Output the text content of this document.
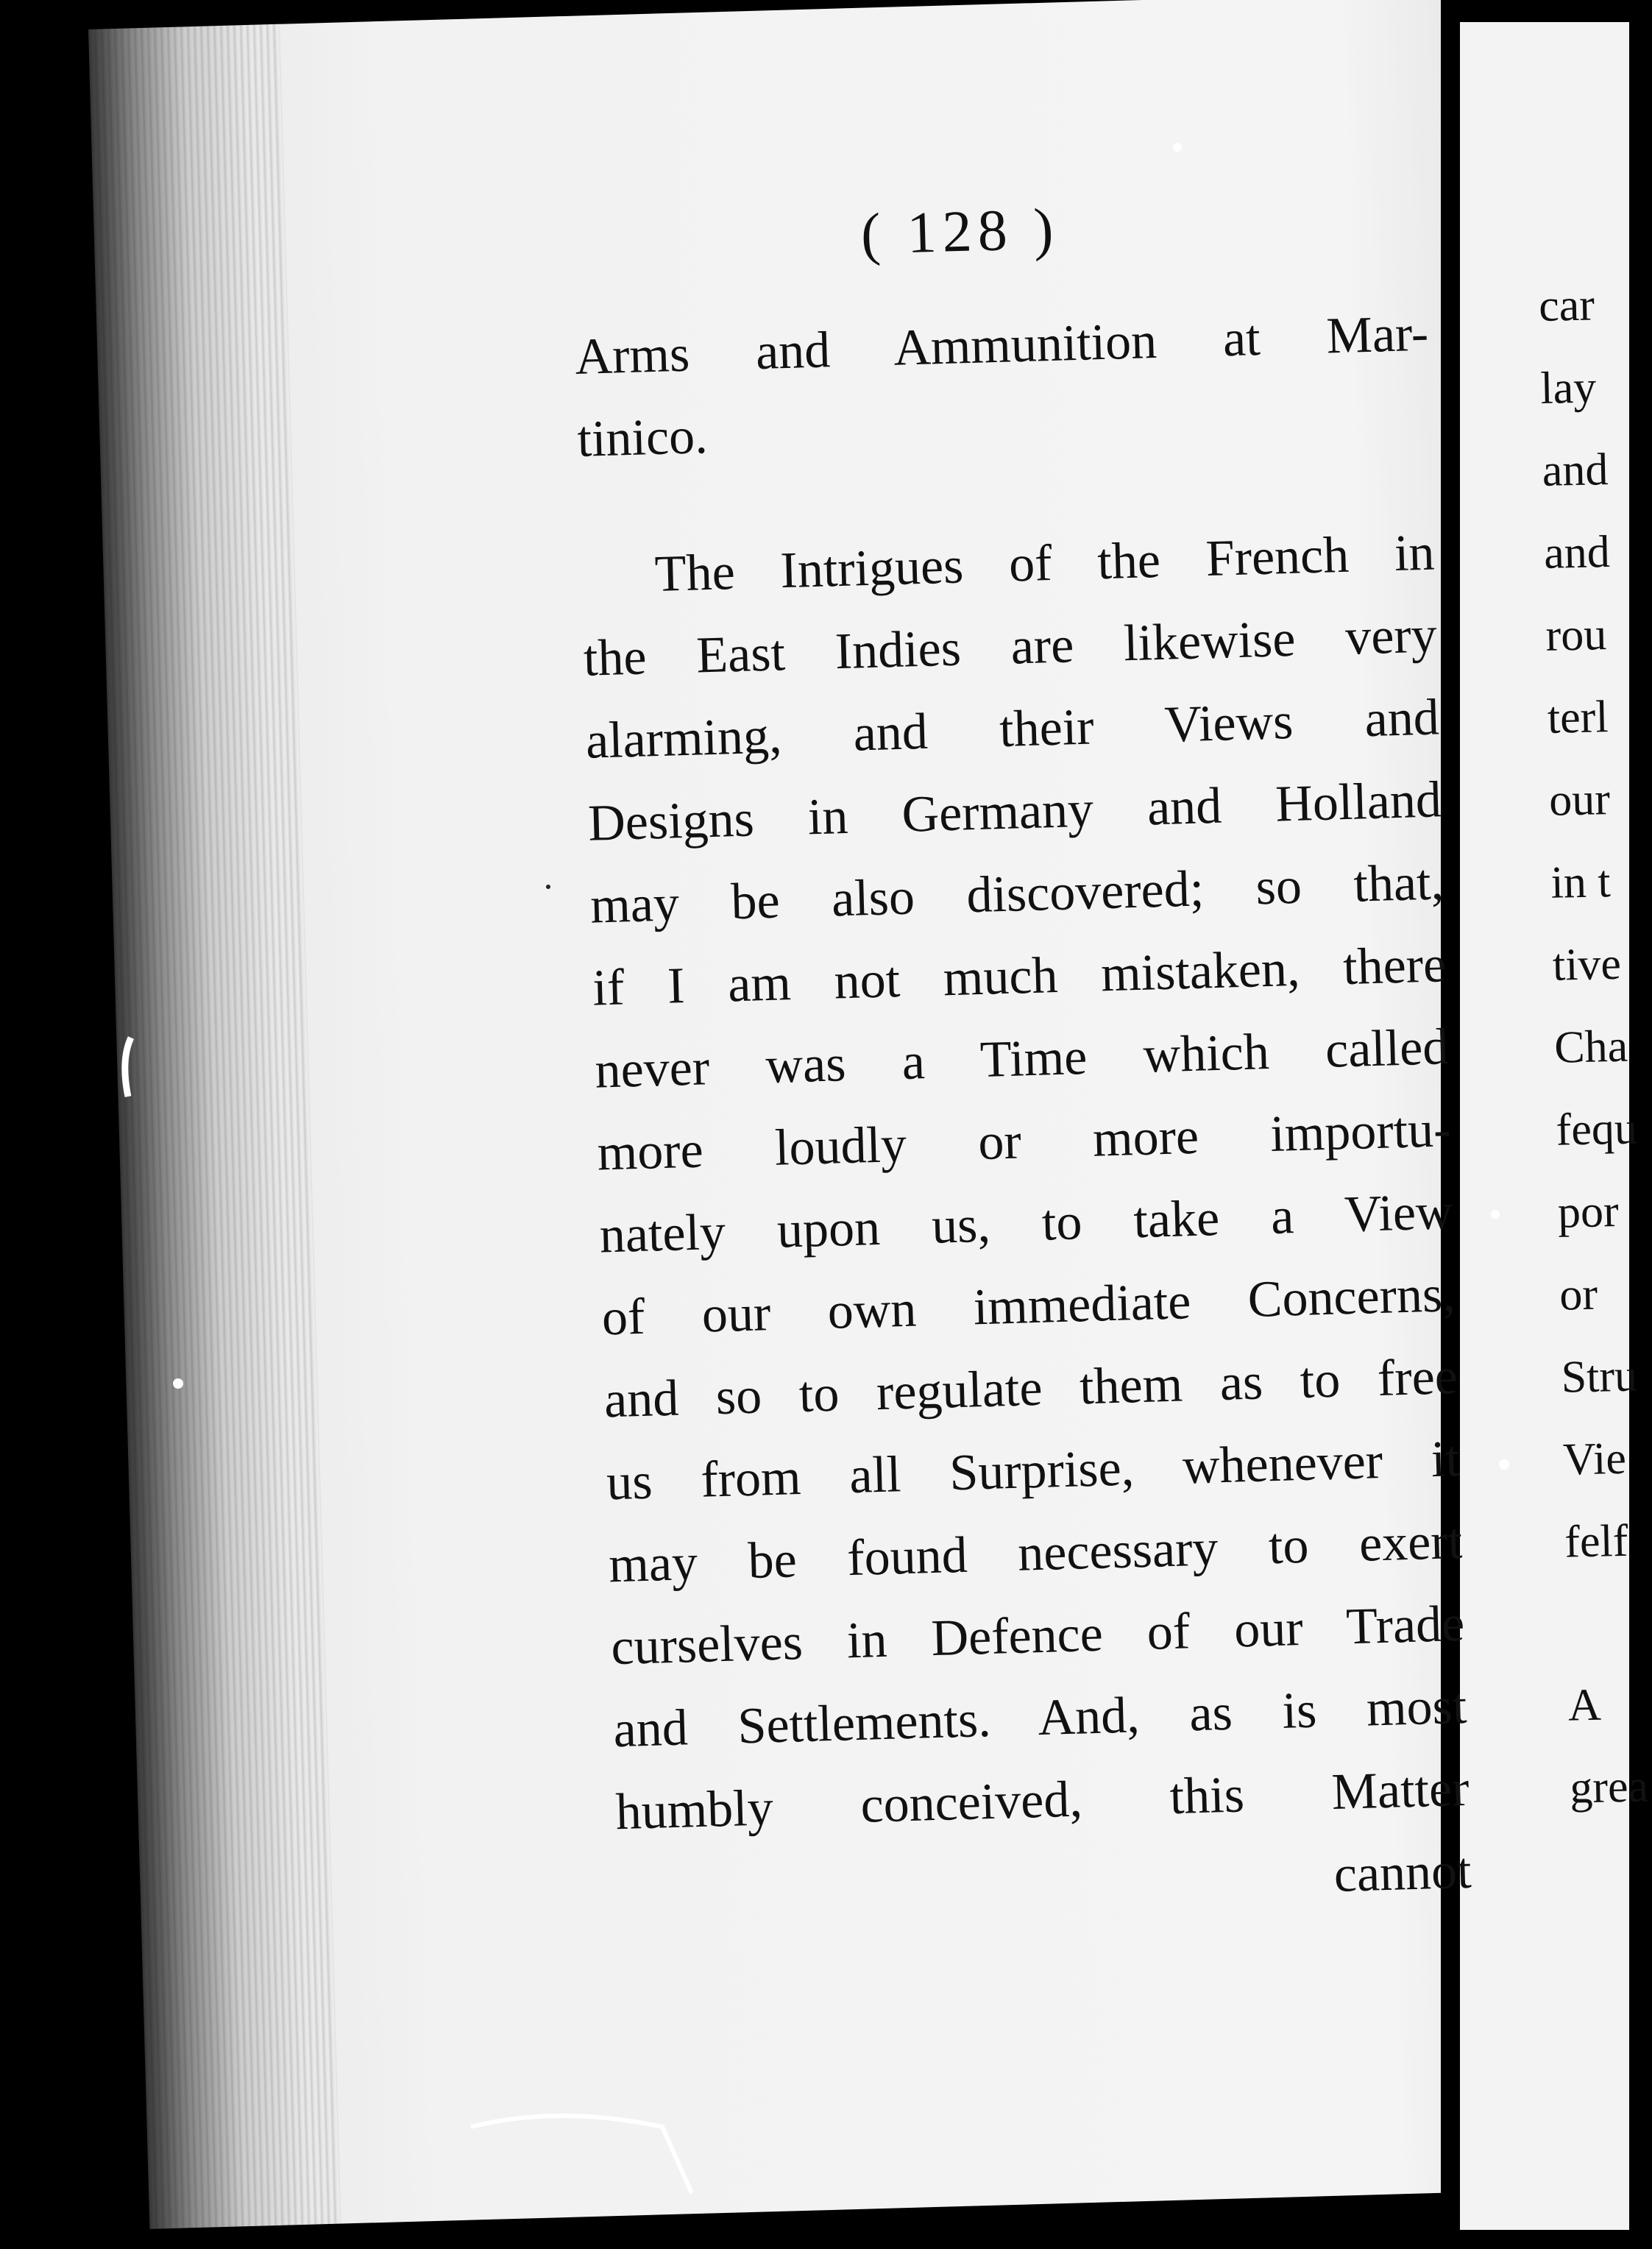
( 128 )
Arms and Ammunition at Mar-
tinico.
The Intrigues of the French in
the East Indies are likewise very
alarming, and their Views and
Designs in Germany and Holland
may be also discovered; so that,
if I am not much mistaken, there
never was a Time which called
more loudly or more importu-
nately upon us, to take a View
of our own immediate Concerns,
and so to regulate them as to free
us from all Surprise, whenever it
may be found necessary to exert
curselves in Defence of our Trade
and Settlements. And, as is most
humbly conceived, this Matter
cannot
car
lay
and
and
rou
terl
our
in t
tive
Cha
fequ
por
or
Stru
Vie
felf
A
grea
